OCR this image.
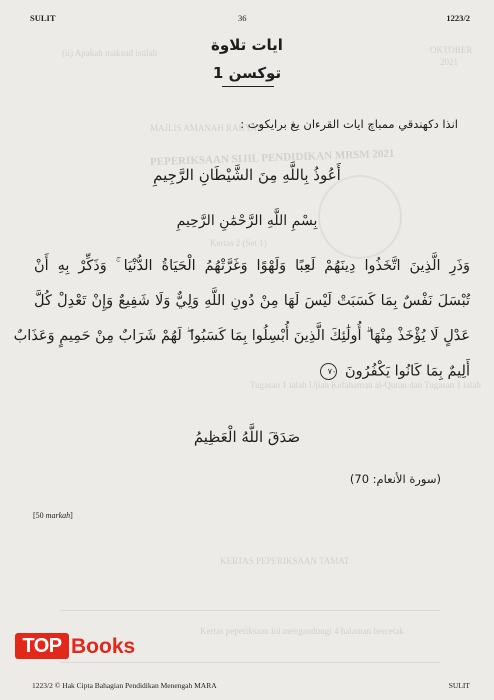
OKTOBER
2021
(ii) Apakah maksud istilah
PEPERIKSAAN SIJIL PENDIDIKAN MRSM 2021
MAJLIS AMANAH RAKYAT
Kertas 2 (Set 1)
Tugasan 1 ialah Ujian Kefahaman al-Quran dan Tugasan 1 ialah
KERTAS PEPERIKSAAN TAMAT
Kertas peperiksaan ini mengandungi 4 halaman bercetak
SULIT	36	1223/2
ايات تلاوة
توكسن 1
انذا دكهندقي ممباچ ايات القرءان يغ برايكوت :
أَعُوذُ بِاللَّهِ مِنَ الشَّيْطَانِ الرَّجِيمِ
بِسْمِ اللَّهِ الرَّحْمَٰنِ الرَّحِيمِ
وَذَرِ الَّذِينَ اتَّخَذُوا دِينَهُمْ لَعِبًا وَلَهْوًا وَغَرَّتْهُمُ الْحَيَاةُ الدُّنْيَا ۚ وَذَكِّرْ بِهِ أَنْ
تُبْسَلَ نَفْسٌ بِمَا كَسَبَتْ لَيْسَ لَهَا مِنْ دُونِ اللَّهِ وَلِيٌّ وَلَا شَفِيعٌ وَإِنْ تَعْدِلْ كُلَّ
عَدْلٍ لَا يُؤْخَذْ مِنْهَا ۗ أُولَٰئِكَ الَّذِينَ أُبْسِلُوا بِمَا كَسَبُوا ۖ لَهُمْ شَرَابٌ مِنْ حَمِيمٍ وَعَذَابٌ
أَلِيمٌ بِمَا كَانُوا يَكْفُرُونَ ٧٠
صَدَقَ اللَّهُ الْعَظِيمُ
(سورة الأنعام: 70)
[50 markah]
1223/2 © Hak Cipta Bahagian Pendidikan Menengah MARA	SULIT
TOP Books
